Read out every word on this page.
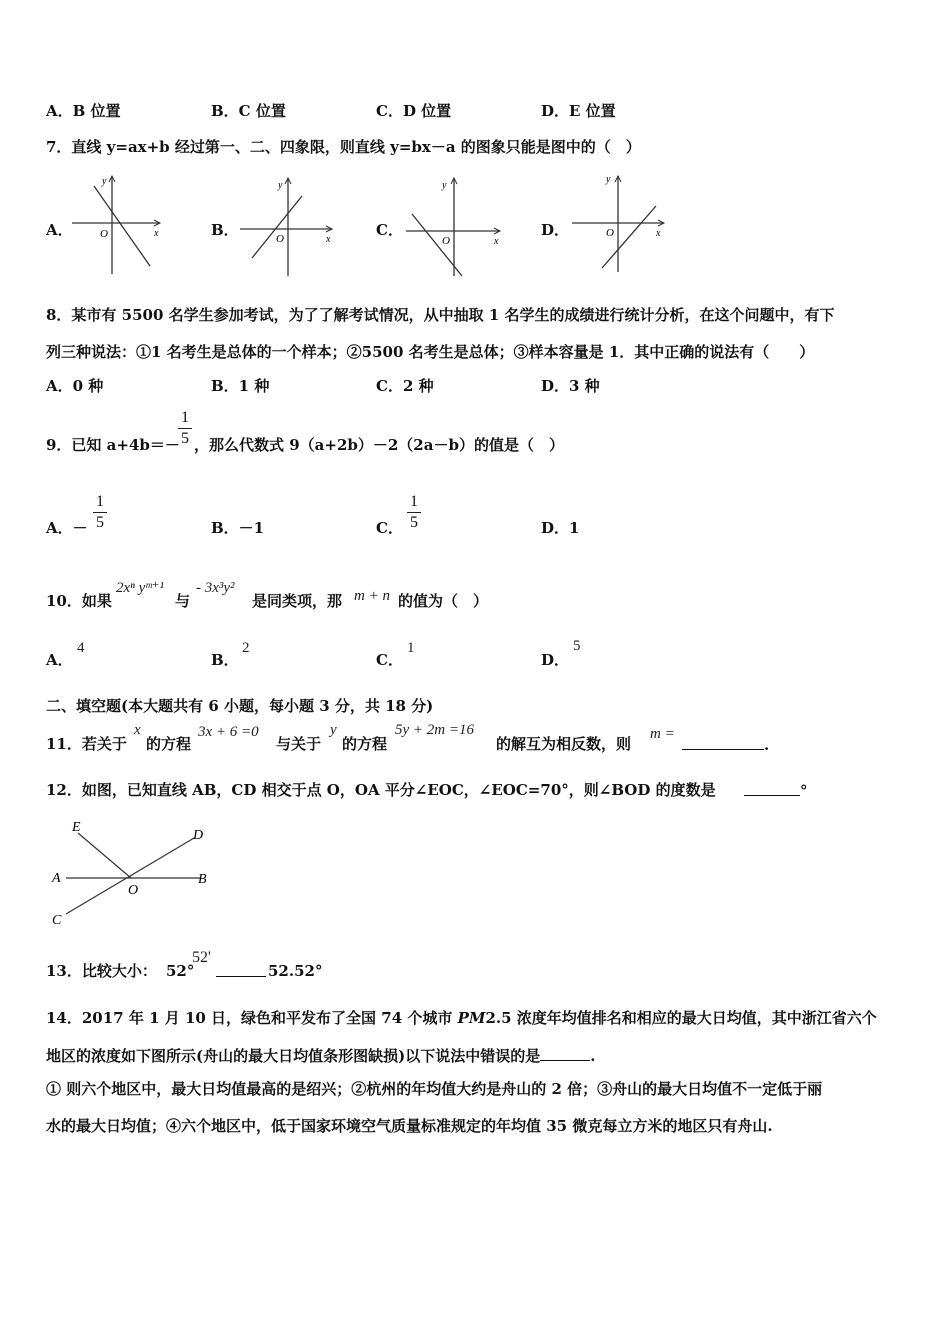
A．B 位置	B．C 位置	C．D 位置	D．E 位置
7．直线 y=ax+b 经过第一、二、四象限，则直线 y=bx－a 的图象只能是图中的（　）
A．
y
x
O	B．
y
x
O	C．
y
x
O
D．
y
x
O
8．某市有 5500 名学生参加考试，为了了解考试情况，从中抽取 1 名学生的成绩进行统计分析，在这个问题中，有下
列三种说法：①1 名考生是总体的一个样本；②5500 名考生是总体；③样本容量是 1．其中正确的说法有（　　）
A．0 种	B．1 种	C．2 种	D．3 种
9．已知 a+4b＝－
1
5 ，那么代数式 9（a+2b）－2（2a－b）的值是（　）
A．－
1
5	B．－1	C．
1
5	D．1
10．如果
2xⁿ yᵐ⁺¹
与
- 3x³y²
是同类项，那 m + n 的值为（　）
A．
4
B．
2
C．
1
D．
5
二、填空题(本大题共有 6 小题，每小题 3 分，共 18 分)
11．若关于
x
的方程
3x + 6 =0
与关于
y
的方程
5y + 2m =16
的解互为相反数，则
m =
.
12．如图，已知直线 AB，CD 相交于点 O，OA 平分∠EOC，∠EOC=70°，则∠BOD 的度数是	°
E
D
A
O
B
C
13．比较大小： 52°
52'
52.52°
14．2017 年 1 月 10 日，绿色和平发布了全国 74 个城市 PM2.5 浓度年均值排名和相应的最大日均值，其中浙江省六个
地区的浓度如下图所示(舟山的最大日均值条形图缺损)以下说法中错误的是	.
① 则六个地区中，最大日均值最高的是绍兴；②杭州的年均值大约是舟山的 2 倍；③舟山的最大日均值不一定低于丽
水的最大日均值；④六个地区中，低于国家环境空气质量标准规定的年均值 35 微克每立方米的地区只有舟山.
